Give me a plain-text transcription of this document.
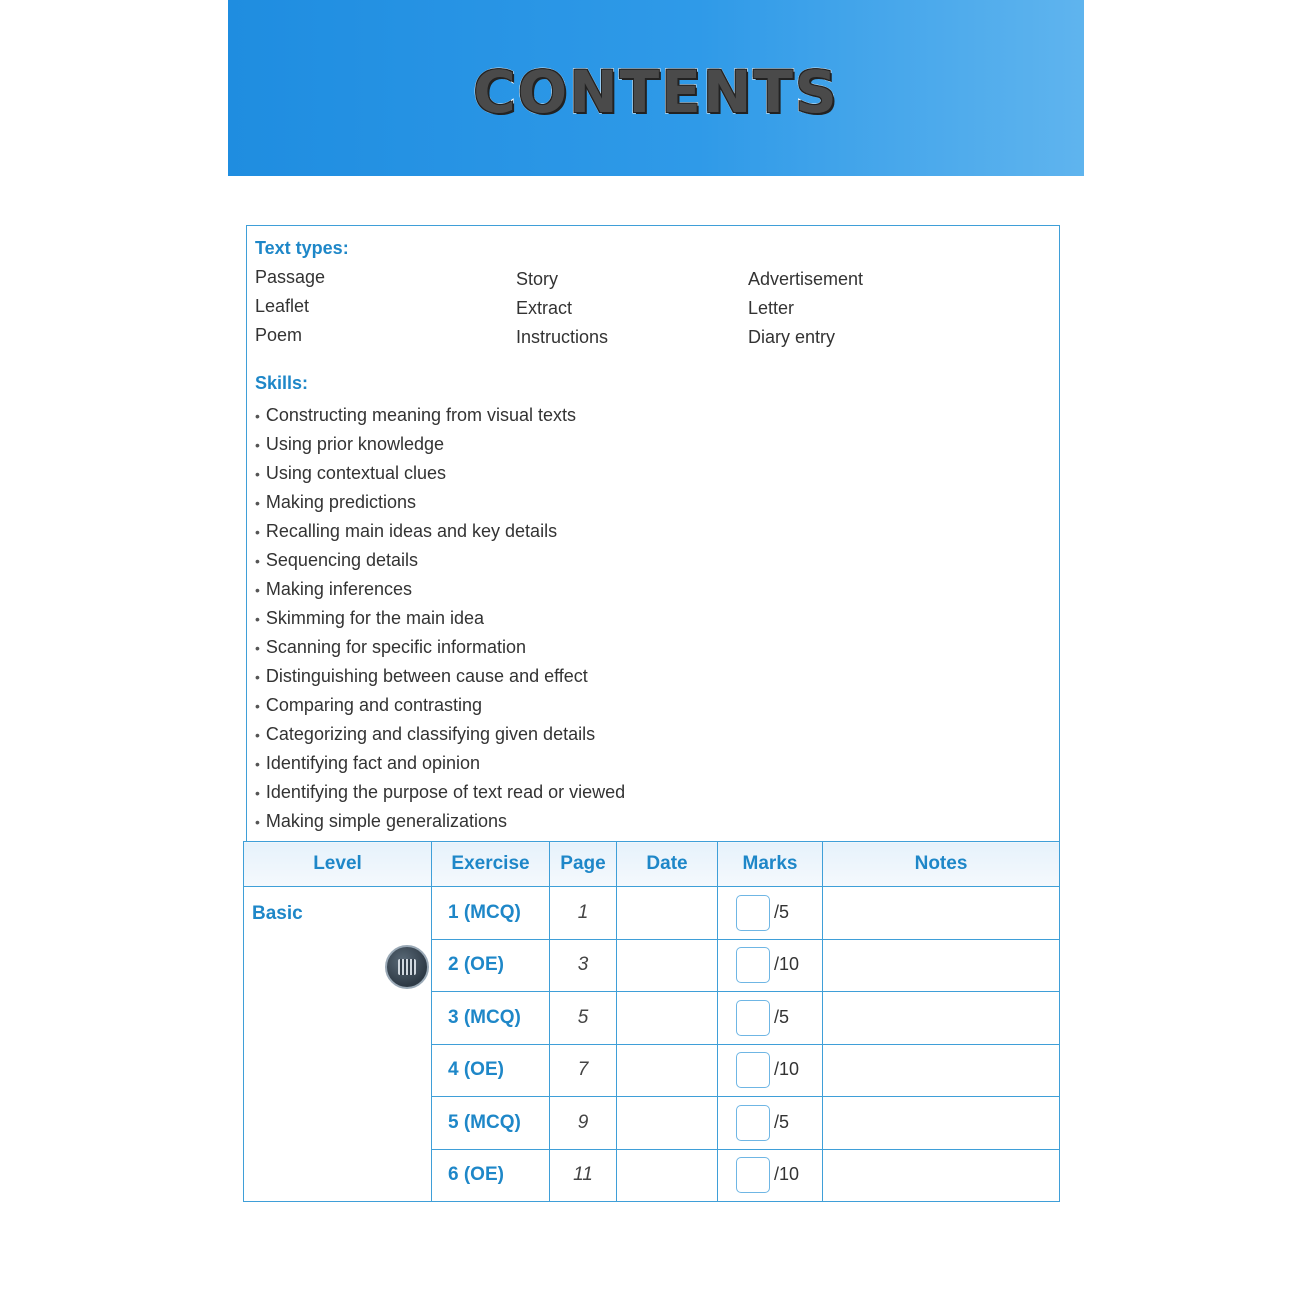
CONTENTS
Text types:
Passage	Story	Advertisement
Leaflet	Extract	Letter
Poem	Instructions	Diary entry
Skills:
• Constructing meaning from visual texts
• Using prior knowledge
• Using contextual clues
• Making predictions
• Recalling main ideas and key details
• Sequencing details
• Making inferences
• Skimming for the main idea
• Scanning for specific information
• Distinguishing between cause and effect
• Comparing and contrasting
• Categorizing and classifying given details
• Identifying fact and opinion
• Identifying the purpose of text read or viewed
• Making simple generalizations
Level	Exercise	Page	Date	Marks	Notes
Basic	1 (MCQ)	1		/5	
	2 (OE)	3		/10	
	3 (MCQ)	5		/5	
	4 (OE)	7		/10	
	5 (MCQ)	9		/5	
	6 (OE)	11		/10	
